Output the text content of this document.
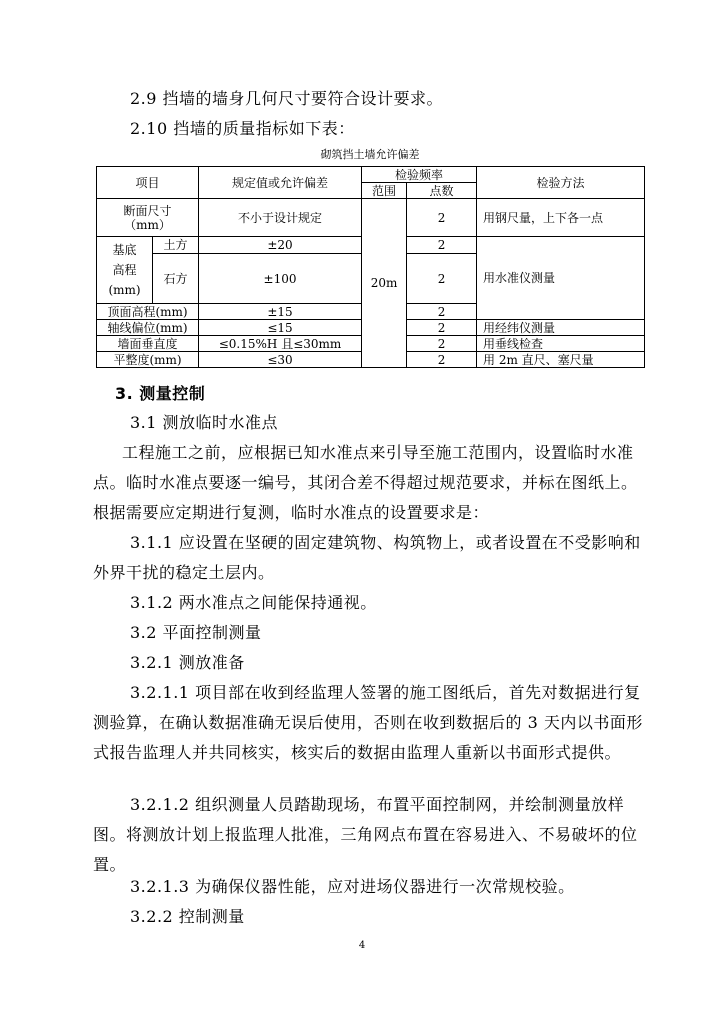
2.9 挡墙的墙身几何尺寸要符合设计要求。

2.10 挡墙的质量指标如下表：

砌筑挡土墙允许偏差
项目		规定值或允许偏差	检验频率		检验方法
			范围	点数	
断面尺寸
（mm）		不小于设计规定	20m	2	用钢尺量，上下各一点
基底
高程
(mm)	土方	±20		2	用水准仪测量
	石方	±100		2	
顶面高程(mm)		±15		2	
轴线偏位(mm)		≤15		2	用经纬仪测量
墙面垂直度		≤0.15%H 且≤30mm		2	用垂线检查
平整度(mm)		≤30		2	用 2m 直尺、塞尺量

3. 测量控制

3.1 测放临时水准点

工程施工之前，应根据已知水准点来引导至施工范围内，设置临时水准点。临时水准点要逐一编号，其闭合差不得超过规范要求，并标在图纸上。根据需要应定期进行复测，临时水准点的设置要求是：

3.1.1 应设置在坚硬的固定建筑物、构筑物上，或者设置在不受影响和外界干扰的稳定土层内。

3.1.2 两水准点之间能保持通视。

3.2 平面控制测量

3.2.1 测放准备

3.2.1.1 项目部在收到经监理人签署的施工图纸后，首先对数据进行复测验算，在确认数据准确无误后使用，否则在收到数据后的 3 天内以书面形式报告监理人并共同核实，核实后的数据由监理人重新以书面形式提供。

3.2.1.2 组织测量人员踏勘现场，布置平面控制网，并绘制测量放样图。将测放计划上报监理人批准，三角网点布置在容易进入、不易破坏的位置。

3.2.1.3 为确保仪器性能，应对进场仪器进行一次常规校验。

3.2.2 控制测量

4
